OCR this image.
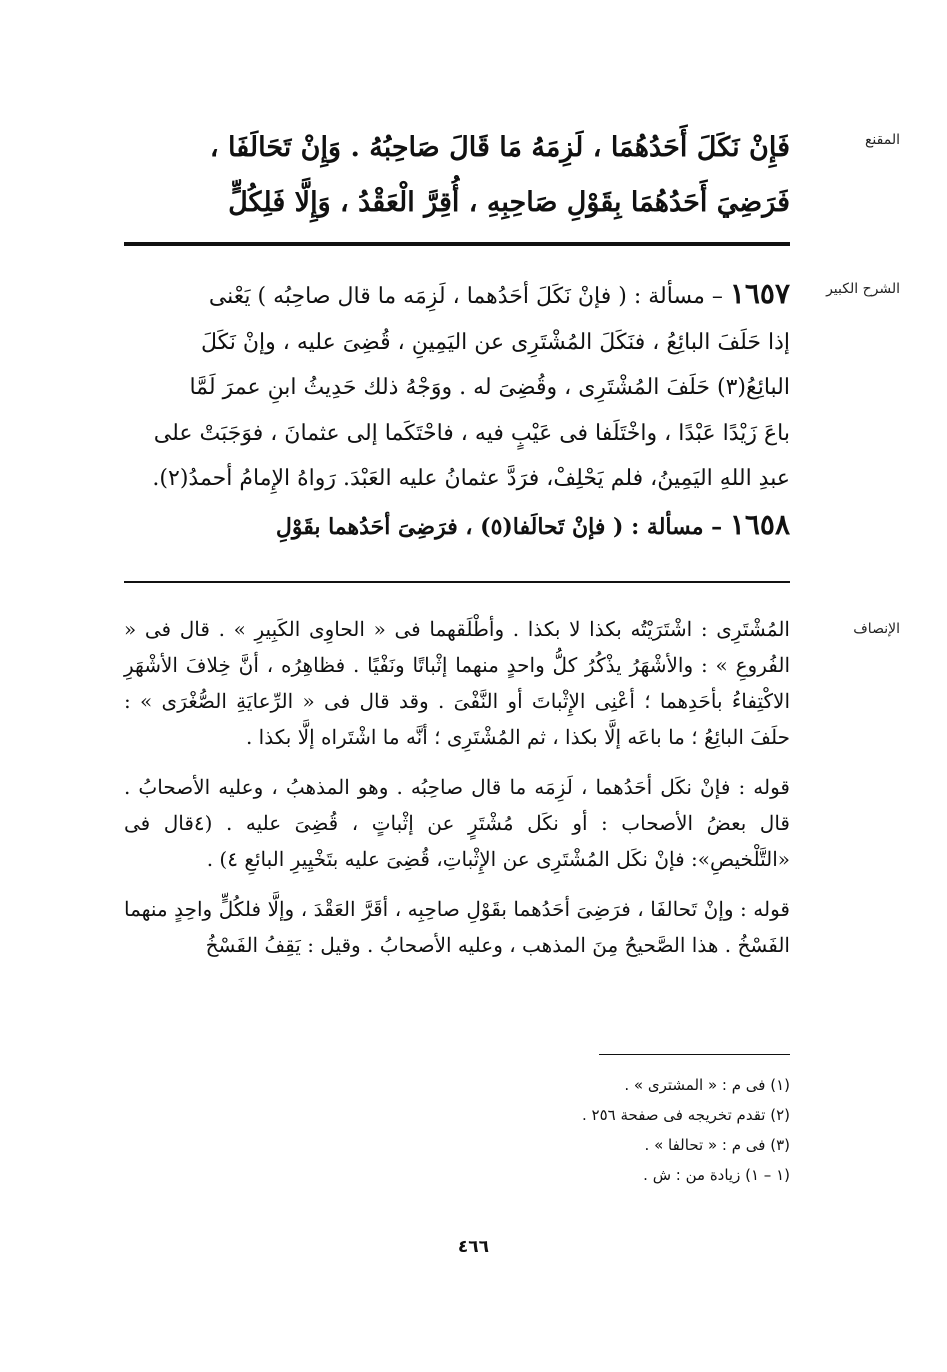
المقنع

فَإِنْ نَكَلَ أَحَدُهُمَا ، لَزِمَهُ مَا قَالَ صَاحِبُهُ . وَإِنْ تَحَالَفَا ،

فَرَضِيَ أَحَدُهُمَا بِقَوْلِ صَاحِبِهِ ، أُقِرَّ الْعَقْدُ ، وَإِلَّا فَلِكُلٍّ

الشرح الكبير

١٦٥٧ – مسألة : ( فإنْ نَكَلَ أحَدُهما ، لَزِمَه ما قال صاحِبُه ) يَعْنى

إذا حَلَفَ البائِعُ ، فنَكَلَ المُشْتَرِى عن اليَمِينِ ، قُضِىَ عليه ، وإنْ نَكَلَ

البائِعُ(٣) حَلَفَ المُشْتَرِى ، وقُضِىَ له . ووَجْهُ ذلك حَدِيثُ ابنِ عمرَ لَمَّا

باعَ زَيْدًا عَبْدًا ، واخْتَلَفا فى عَيْبٍ فيه ، فاحْتَكَما إلى عثمانَ ، فوَجَبَتْ على

عبدِ اللهِ اليَمِينُ، فلم يَحْلِفْ، فرَدَّ عثمانُ عليه العَبْدَ. رَواهُ الإِمامُ أحمدُ(٢).

١٦٥٨ – مسألة : ( فإنْ تَحالَفا(٥) ، فرَضِىَ أحَدُهما بقَوْلِ

الإنصاف

المُشْتَرِى : اشْتَرَيْتُه بكذا لا بكذا . وأطْلَقهما فى « الحاوِى الكَبِيرِ » . قال فى « الفُروعِ » : والأشْهَرُ يذْكُرُ كلُّ واحدٍ منهما إثْباتًا ونَفْيًا . فظاهِرُه ، أنَّ خِلافَ الأشْهَرِ الاكْتِفاءُ بأحَدِهما ؛ أعْنِى الإِثْباتَ أو النَّفْىَ . وقد قال فى « الرِّعايَةِ الصُّغْرَى » : حلَفَ البائِعُ ؛ ما باعَه إلَّا بكذا ، ثم المُشْتَرِى ؛ أنَّه ما اشْتَراه إلَّا بكذا .

قوله : فإنْ نكَل أحَدُهما ، لَزِمَه ما قال صاحِبُه . وهو المذهبُ ، وعليه الأصحابُ . قال بعضُ الأصحاب : أو نكَل مُشْتَرٍ عن إثْباتٍ ، قُضِىَ عليه . (٤قال فى «التَّلْخيصِ»: فإنْ نكَل المُشْتَرِى عن الإِثْباتِ، قُضِىَ عليه بتَخْيِيرِ البائعِ ٤) .

قوله : وإنْ تَحالفَا ، فرَضِىَ أحَدُهما بقَوْلِ صاحِبِه ، أقَرَّ العَقْدَ ، وإلَّا فلكُلٍّ واحِدٍ منهما الفَسْخُ . هذا الصَّحيحُ مِنَ المذهب ، وعليه الأصحابُ . وقيل : يَقِفُ الفَسْخُ

(١) فى م : « المشترى » .
(٢) تقدم تخريجه فى صفحة ٢٥٦ .
(٣) فى م : « تحالفا » .
(١ – ١) زيادة من : ش .
٤٦٦
